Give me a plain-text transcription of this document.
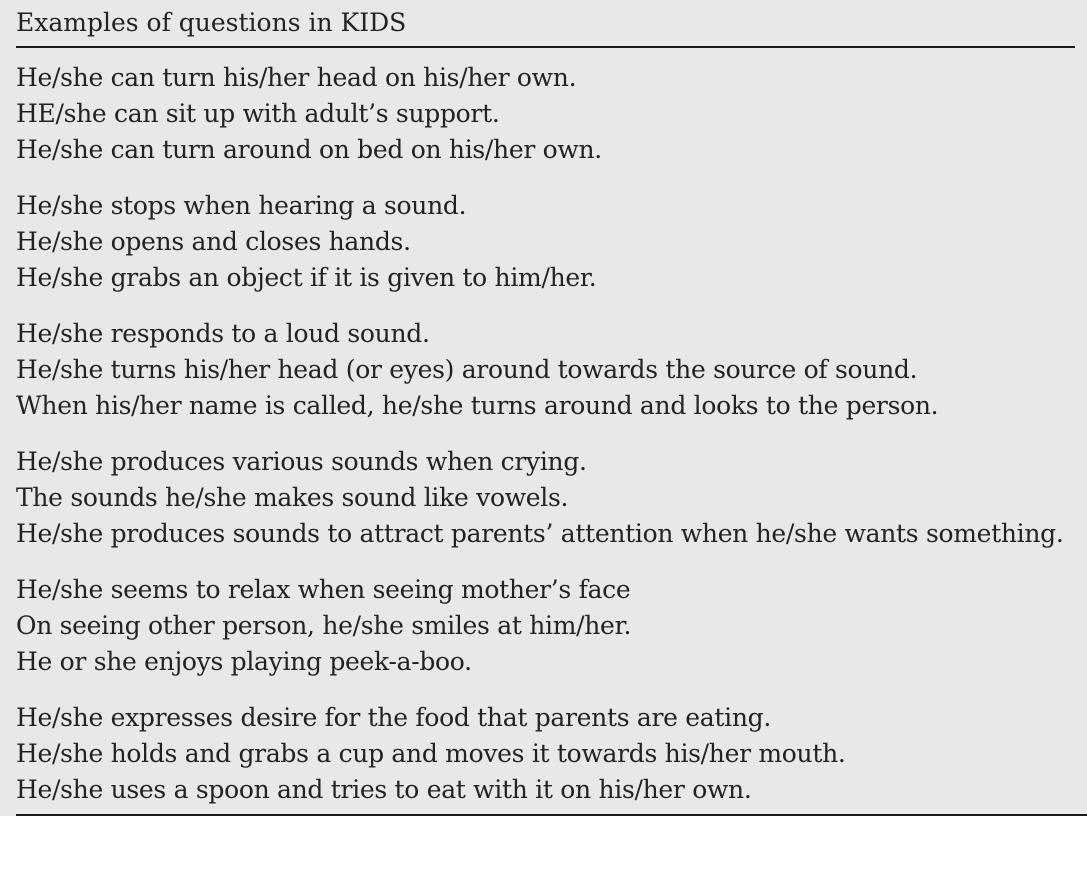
Examples of questions in KIDS
He/she can turn his/her head on his/her own.
HE/she can sit up with adult’s support.
He/she can turn around on bed on his/her own.
He/she stops when hearing a sound.
He/she opens and closes hands.
He/she grabs an object if it is given to him/her.
He/she responds to a loud sound.
He/she turns his/her head (or eyes) around towards the source of sound.
When his/her name is called, he/she turns around and looks to the person.
He/she produces various sounds when crying.
The sounds he/she makes sound like vowels.
He/she produces sounds to attract parents’ attention when he/she wants something.
He/she seems to relax when seeing mother’s face
On seeing other person, he/she smiles at him/her.
He or she enjoys playing peek-a-boo.
He/she expresses desire for the food that parents are eating.
He/she holds and grabs a cup and moves it towards his/her mouth.
He/she uses a spoon and tries to eat with it on his/her own.
